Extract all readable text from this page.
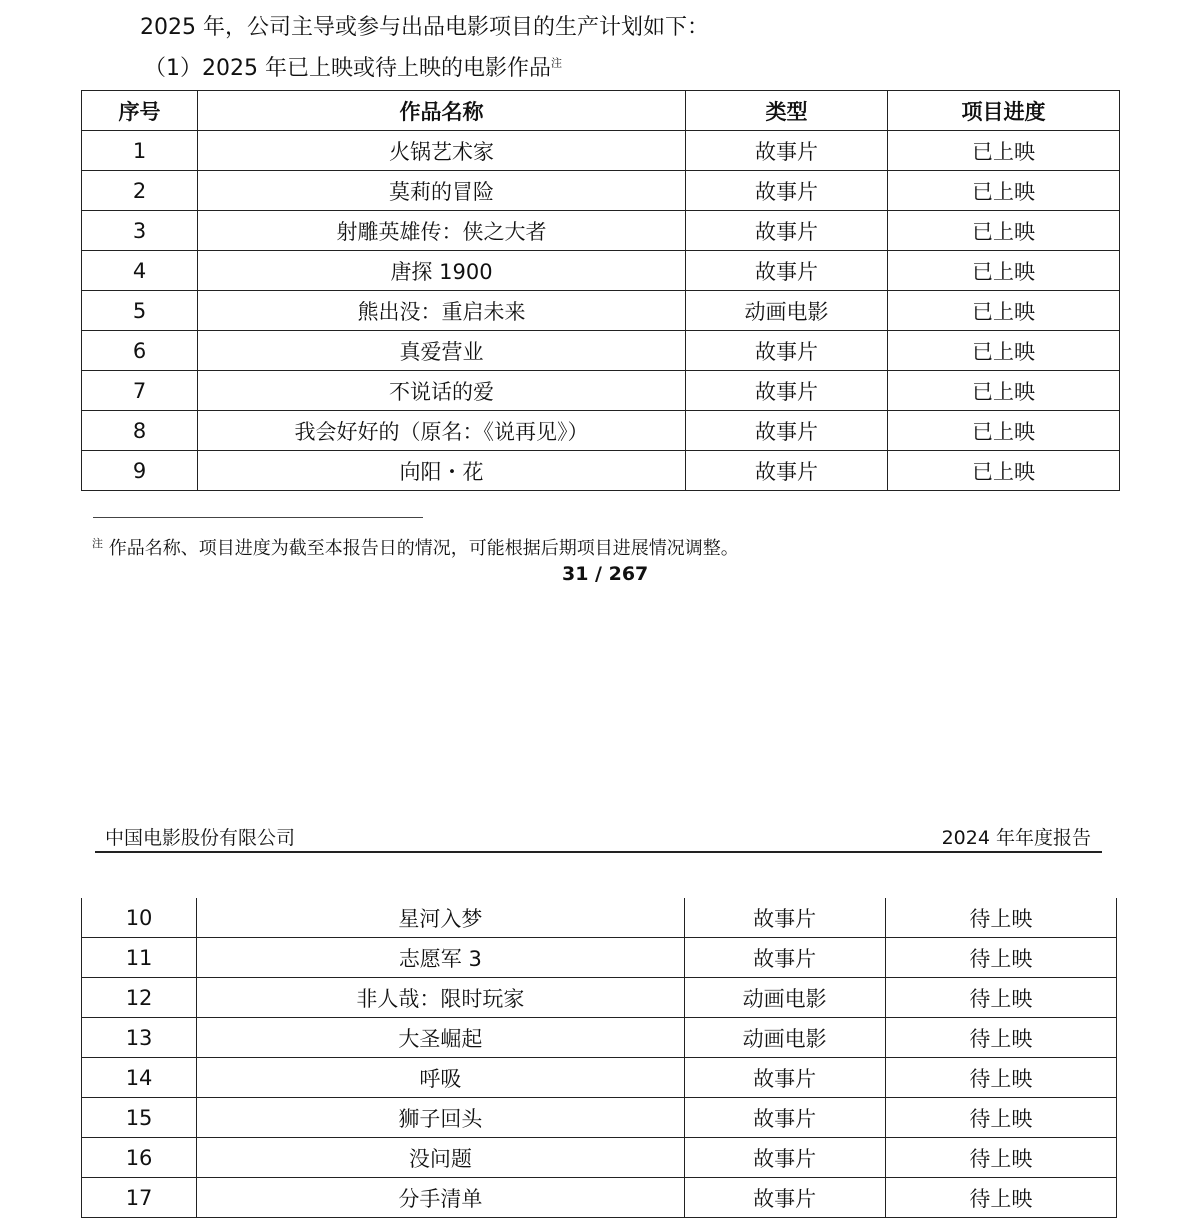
2025 年，公司主导或参与出品电影项目的生产计划如下：
（1）2025 年已上映或待上映的电影作品$^注$
序号	作品名称	类型	项目进度
1	火锅艺术家	故事片	已上映
2	莫莉的冒险	故事片	已上映
3	射雕英雄传：侠之大者	故事片	已上映
4	唐探 1900	故事片	已上映
5	熊出没：重启未来	动画电影	已上映
6	真爱营业	故事片	已上映
7	不说话的爱	故事片	已上映
8	我会好好的（原名：《说再见》）	故事片	已上映
9	向阳・花	故事片	已上映
$^注$ 作品名称、项目进度为截至本报告日的情况，可能根据后期项目进展情况调整。
31 / 267
中国电影股份有限公司	2024 年年度报告
10	星河入梦	故事片	待上映
11	志愿军 3	故事片	待上映
12	非人哉：限时玩家	动画电影	待上映
13	大圣崛起	动画电影	待上映
14	呼吸	故事片	待上映
15	狮子回头	故事片	待上映
16	没问题	故事片	待上映
17	分手清单	故事片	待上映
